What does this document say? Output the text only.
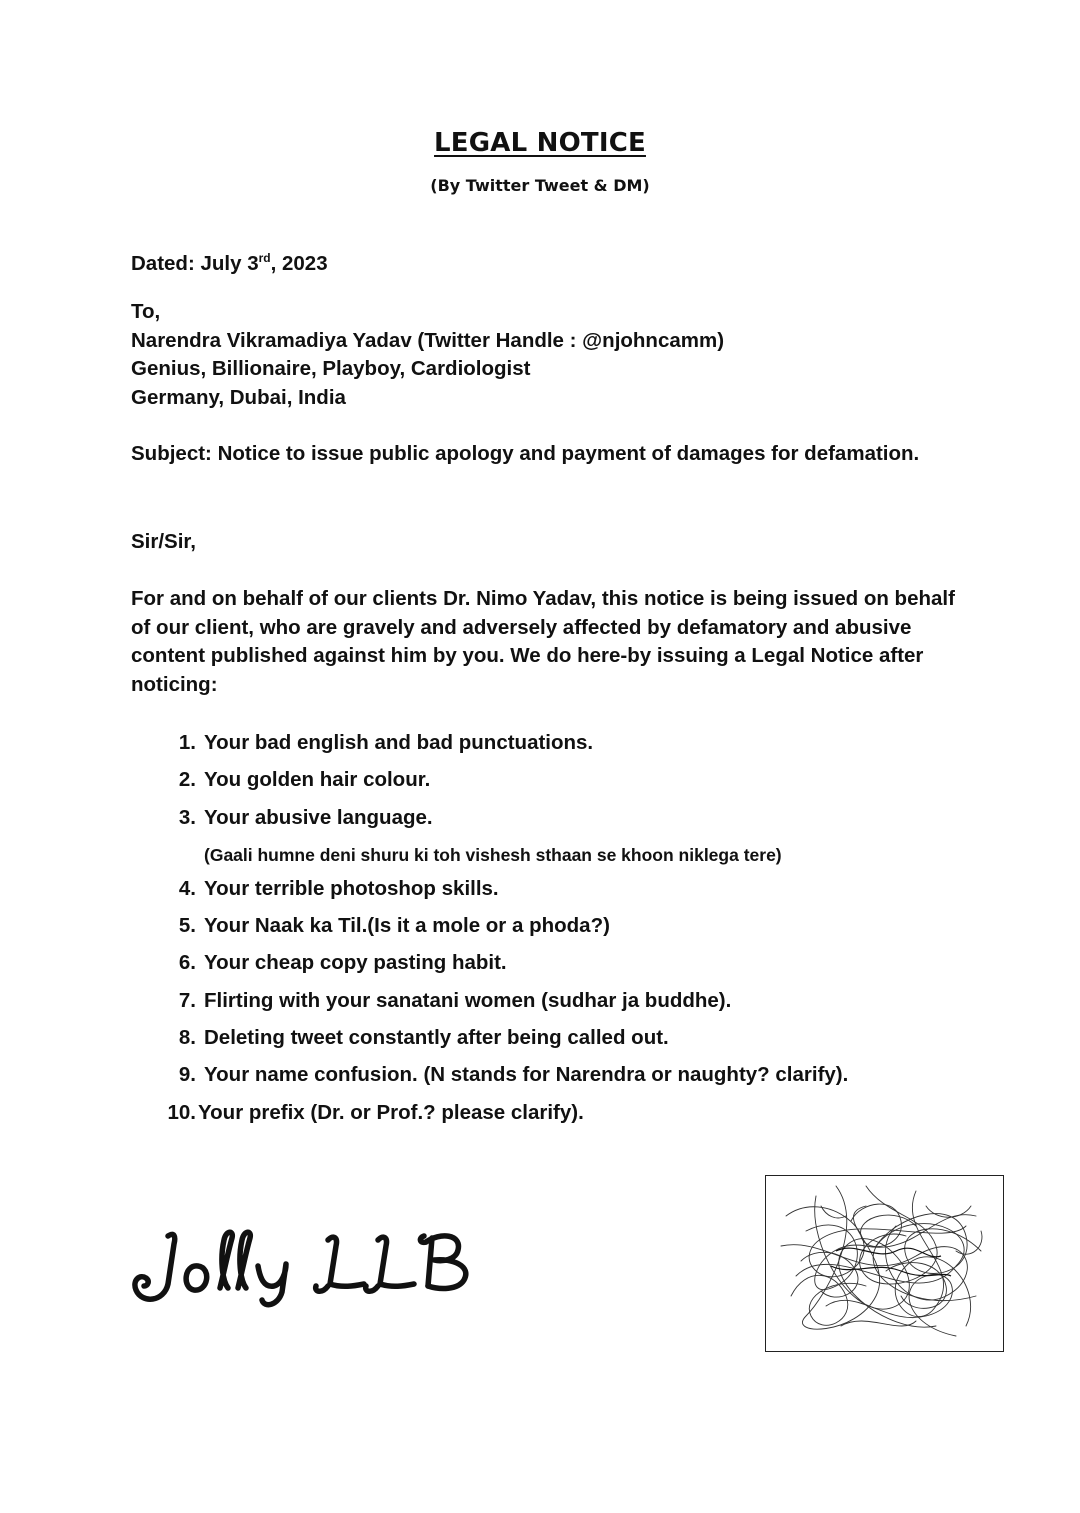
LEGAL NOTICE
(By Twitter Tweet & DM)
Dated: July 3rd, 2023
To,
Narendra Vikramadiya Yadav (Twitter Handle : @njohncamm)
Genius, Billionaire, Playboy, Cardiologist
Germany, Dubai, India
Subject: Notice to issue public apology and payment of damages for defamation.
Sir/Sir,
For and on behalf of our clients Dr. Nimo Yadav, this notice is being issued on behalf of our client, who are gravely and adversely affected by defamatory and abusive content published against him by you. We do here-by issuing a Legal Notice after noticing:
1. Your bad english and bad punctuations.
2. You golden hair colour.
3. Your abusive language.
(Gaali humne deni shuru ki toh vishesh sthaan se khoon niklega tere)
4. Your terrible photoshop skills.
5. Your Naak ka Til.(Is it a mole or a phoda?)
6. Your cheap copy pasting habit.
7. Flirting with your sanatani women (sudhar ja buddhe).
8. Deleting tweet constantly after being called out.
9. Your name confusion. (N stands for Narendra or naughty? clarify).
10. Your prefix (Dr. or Prof.? please clarify).
